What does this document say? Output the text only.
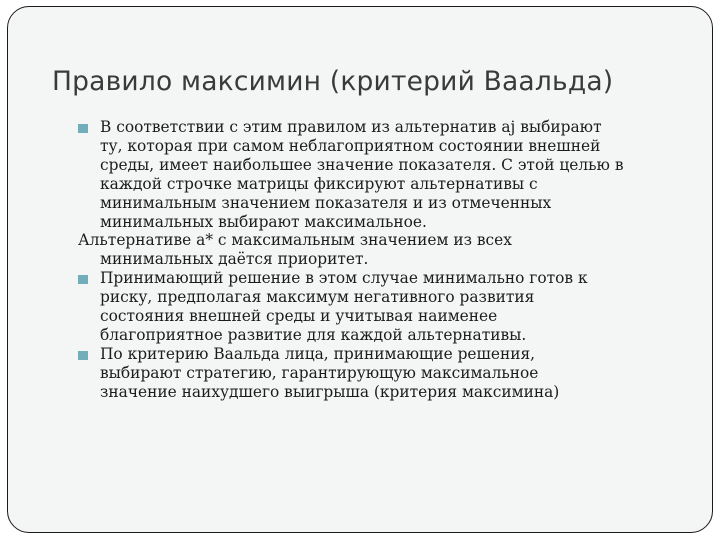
Правило максимин (критерий Ваальда)
В соответствии с этим правилом из альтернатив aj выбирают
ту, которая при самом неблагоприятном состоянии внешней
среды, имеет наибольшее значение показателя. С этой целью в
каждой строчке матрицы фиксируют альтернативы с
минимальным значением показателя и из отмеченных
минимальных выбирают максимальное.
Альтернативе а* с максимальным значением из всех
минимальных даётся приоритет.
Принимающий решение в этом случае минимально готов к
риску, предполагая максимум негативного развития
состояния внешней среды и учитывая наименее
благоприятное развитие для каждой альтернативы.
По критерию Ваальда лица, принимающие решения,
выбирают стратегию, гарантирующую максимальное
значение наихудшего выигрыша (критерия максимина)
